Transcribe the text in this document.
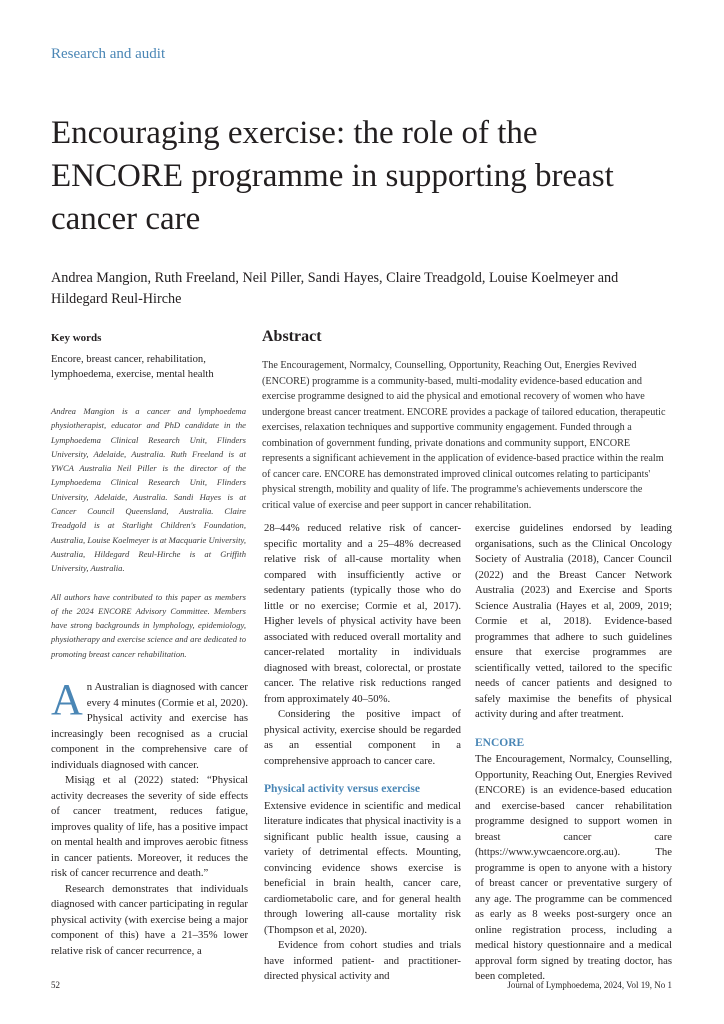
Research and audit
Encouraging exercise: the role of the ENCORE programme in supporting breast cancer care
Andrea Mangion, Ruth Freeland, Neil Piller, Sandi Hayes, Claire Treadgold, Louise Koelmeyer and Hildegard Reul-Hirche
Key words
Encore, breast cancer, rehabilitation, lymphoedema, exercise, mental health

Andrea Mangion is a cancer and lymphoedema physiotherapist, educator and PhD candidate in the Lymphoedema Clinical Research Unit, Flinders University, Adelaide, Australia. Ruth Freeland is at YWCA Australia Neil Piller is the director of the Lymphoedema Clinical Research Unit, Flinders University, Adelaide, Australia. Sandi Hayes is at Cancer Council Queensland, Australia. Claire Treadgold is at Starlight Children's Foundation, Australia, Louise Koelmeyer is at Macquarie University, Australia, Hildegard Reul-Hirche is at Griffith University, Australia.

All authors have contributed to this paper as members of the 2024 ENCORE Advisory Committee. Members have strong backgrounds in lymphology, epidemiology, physiotherapy and exercise science and are dedicated to promoting breast cancer rehabilitation.

Abstract
The Encouragement, Normalcy, Counselling, Opportunity, Reaching Out, Energies Revived (ENCORE) programme is a community-based, multi-modality evidence-based education and exercise programme designed to aid the physical and emotional recovery of women who have undergone breast cancer treatment. ENCORE provides a package of tailored education, therapeutic exercises, relaxation techniques and supportive community engagement. Funded through a combination of government funding, private donations and community support, ENCORE represents a significant achievement in the application of evidence-based practice within the realm of cancer care. ENCORE has demonstrated improved clinical outcomes relating to participants' physical strength, mobility and quality of life. The programme's achievements underscore the critical value of exercise and peer support in cancer rehabilitation.

An Australian is diagnosed with cancer every 4 minutes (Cormie et al, 2020). Physical activity and exercise has increasingly been recognised as a crucial component in the comprehensive care of individuals diagnosed with cancer.

Misiąg et al (2022) stated: “Physical activity decreases the severity of side effects of cancer treatment, reduces fatigue, improves quality of life, has a positive impact on mental health and improves aerobic fitness in cancer patients. Moreover, it reduces the risk of cancer recurrence and death.”

Research demonstrates that individuals diagnosed with cancer participating in regular physical activity (with exercise being a major component of this) have a 21–35% lower relative risk of cancer recurrence, a

28–44% reduced relative risk of cancer-specific mortality and a 25–48% decreased relative risk of all-cause mortality when compared with insufficiently active or sedentary patients (typically those who do little or no exercise; Cormie et al, 2017). Higher levels of physical activity have been associated with reduced overall mortality and cancer-related mortality in individuals diagnosed with breast, colorectal, or prostate cancer. The relative risk reductions ranged from approximately 40–50%.

Considering the positive impact of physical activity, exercise should be regarded as an essential component in a comprehensive approach to cancer care.

Physical activity versus exercise

Extensive evidence in scientific and medical literature indicates that physical inactivity is a significant public health issue, causing a variety of detrimental effects. Mounting, convincing evidence shows exercise is beneficial in brain health, cancer care, cardiometabolic care, and for general health through lowering all-cause mortality risk (Thompson et al, 2020).

Evidence from cohort studies and trials have informed patient- and practitioner-directed physical activity and

exercise guidelines endorsed by leading organisations, such as the Clinical Oncology Society of Australia (2018), Cancer Council (2022) and the Breast Cancer Network Australia (2023) and Exercise and Sports Science Australia (Hayes et al, 2009, 2019; Cormie et al, 2018). Evidence-based programmes that adhere to such guidelines ensure that exercise programmes are scientifically vetted, tailored to the specific needs of cancer patients and designed to safely maximise the benefits of physical activity during and after treatment.

ENCORE

The Encouragement, Normalcy, Counselling, Opportunity, Reaching Out, Energies Revived (ENCORE) is an evidence-based education and exercise-based cancer rehabilitation programme designed to support women in breast cancer care (https://www.ywcaencore.org.au). The programme is open to anyone with a history of breast cancer or preventative surgery of any age. The programme can be commenced as early as 8 weeks post-surgery once an online registration process, including a medical history questionnaire and a medical approval form signed by treating doctor, has been completed.

52	Journal of Lymphoedema, 2024, Vol 19, No 1
